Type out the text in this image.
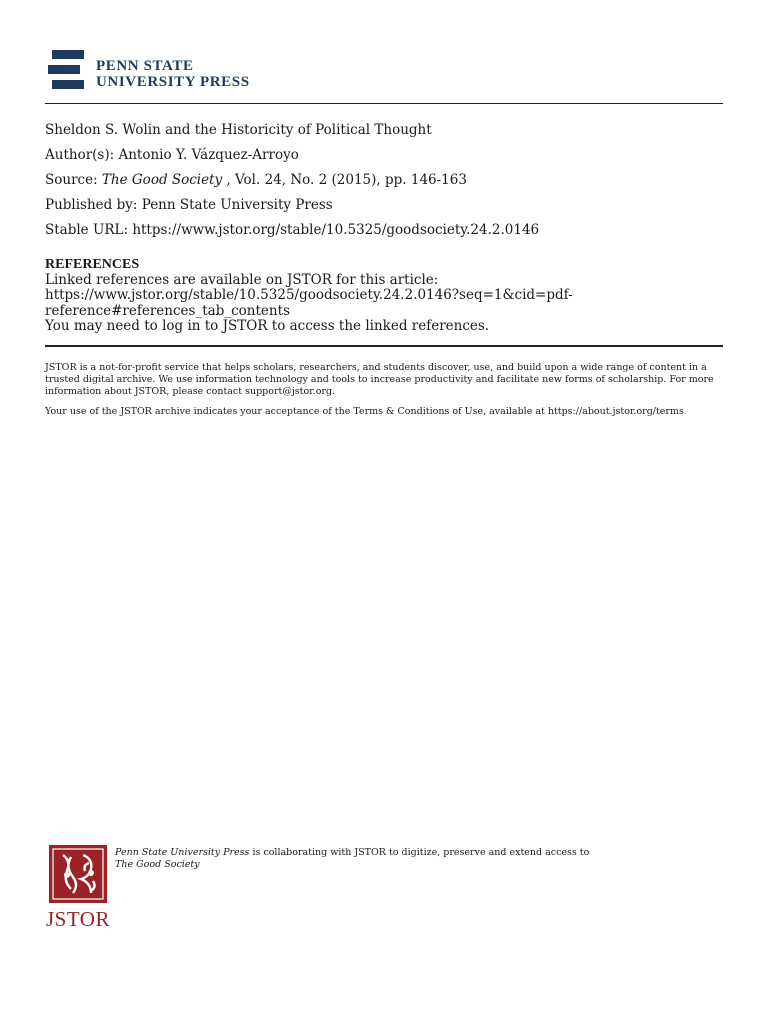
PENN STATE
UNIVERSITY PRESS
Sheldon S. Wolin and the Historicity of Political Thought
Author(s): Antonio Y. Vázquez-Arroyo
Source: The Good Society , Vol. 24, No. 2 (2015), pp. 146-163
Published by: Penn State University Press
Stable URL: https://www.jstor.org/stable/10.5325/goodsociety.24.2.0146
REFERENCES
Linked references are available on JSTOR for this article:
https://www.jstor.org/stable/10.5325/goodsociety.24.2.0146?seq=1&cid=pdf-
reference#references_tab_contents
You may need to log in to JSTOR to access the linked references.

JSTOR is a not-for-profit service that helps scholars, researchers, and students discover, use, and build upon a wide range of content in a trusted digital archive. We use information technology and tools to increase productivity and facilitate new forms of scholarship. For more information about JSTOR, please contact support@jstor.org.

Your use of the JSTOR archive indicates your acceptance of the Terms & Conditions of Use, available at https://about.jstor.org/terms

JSTOR
Penn State University Press is collaborating with JSTOR to digitize, preserve and extend access to
The Good Society
